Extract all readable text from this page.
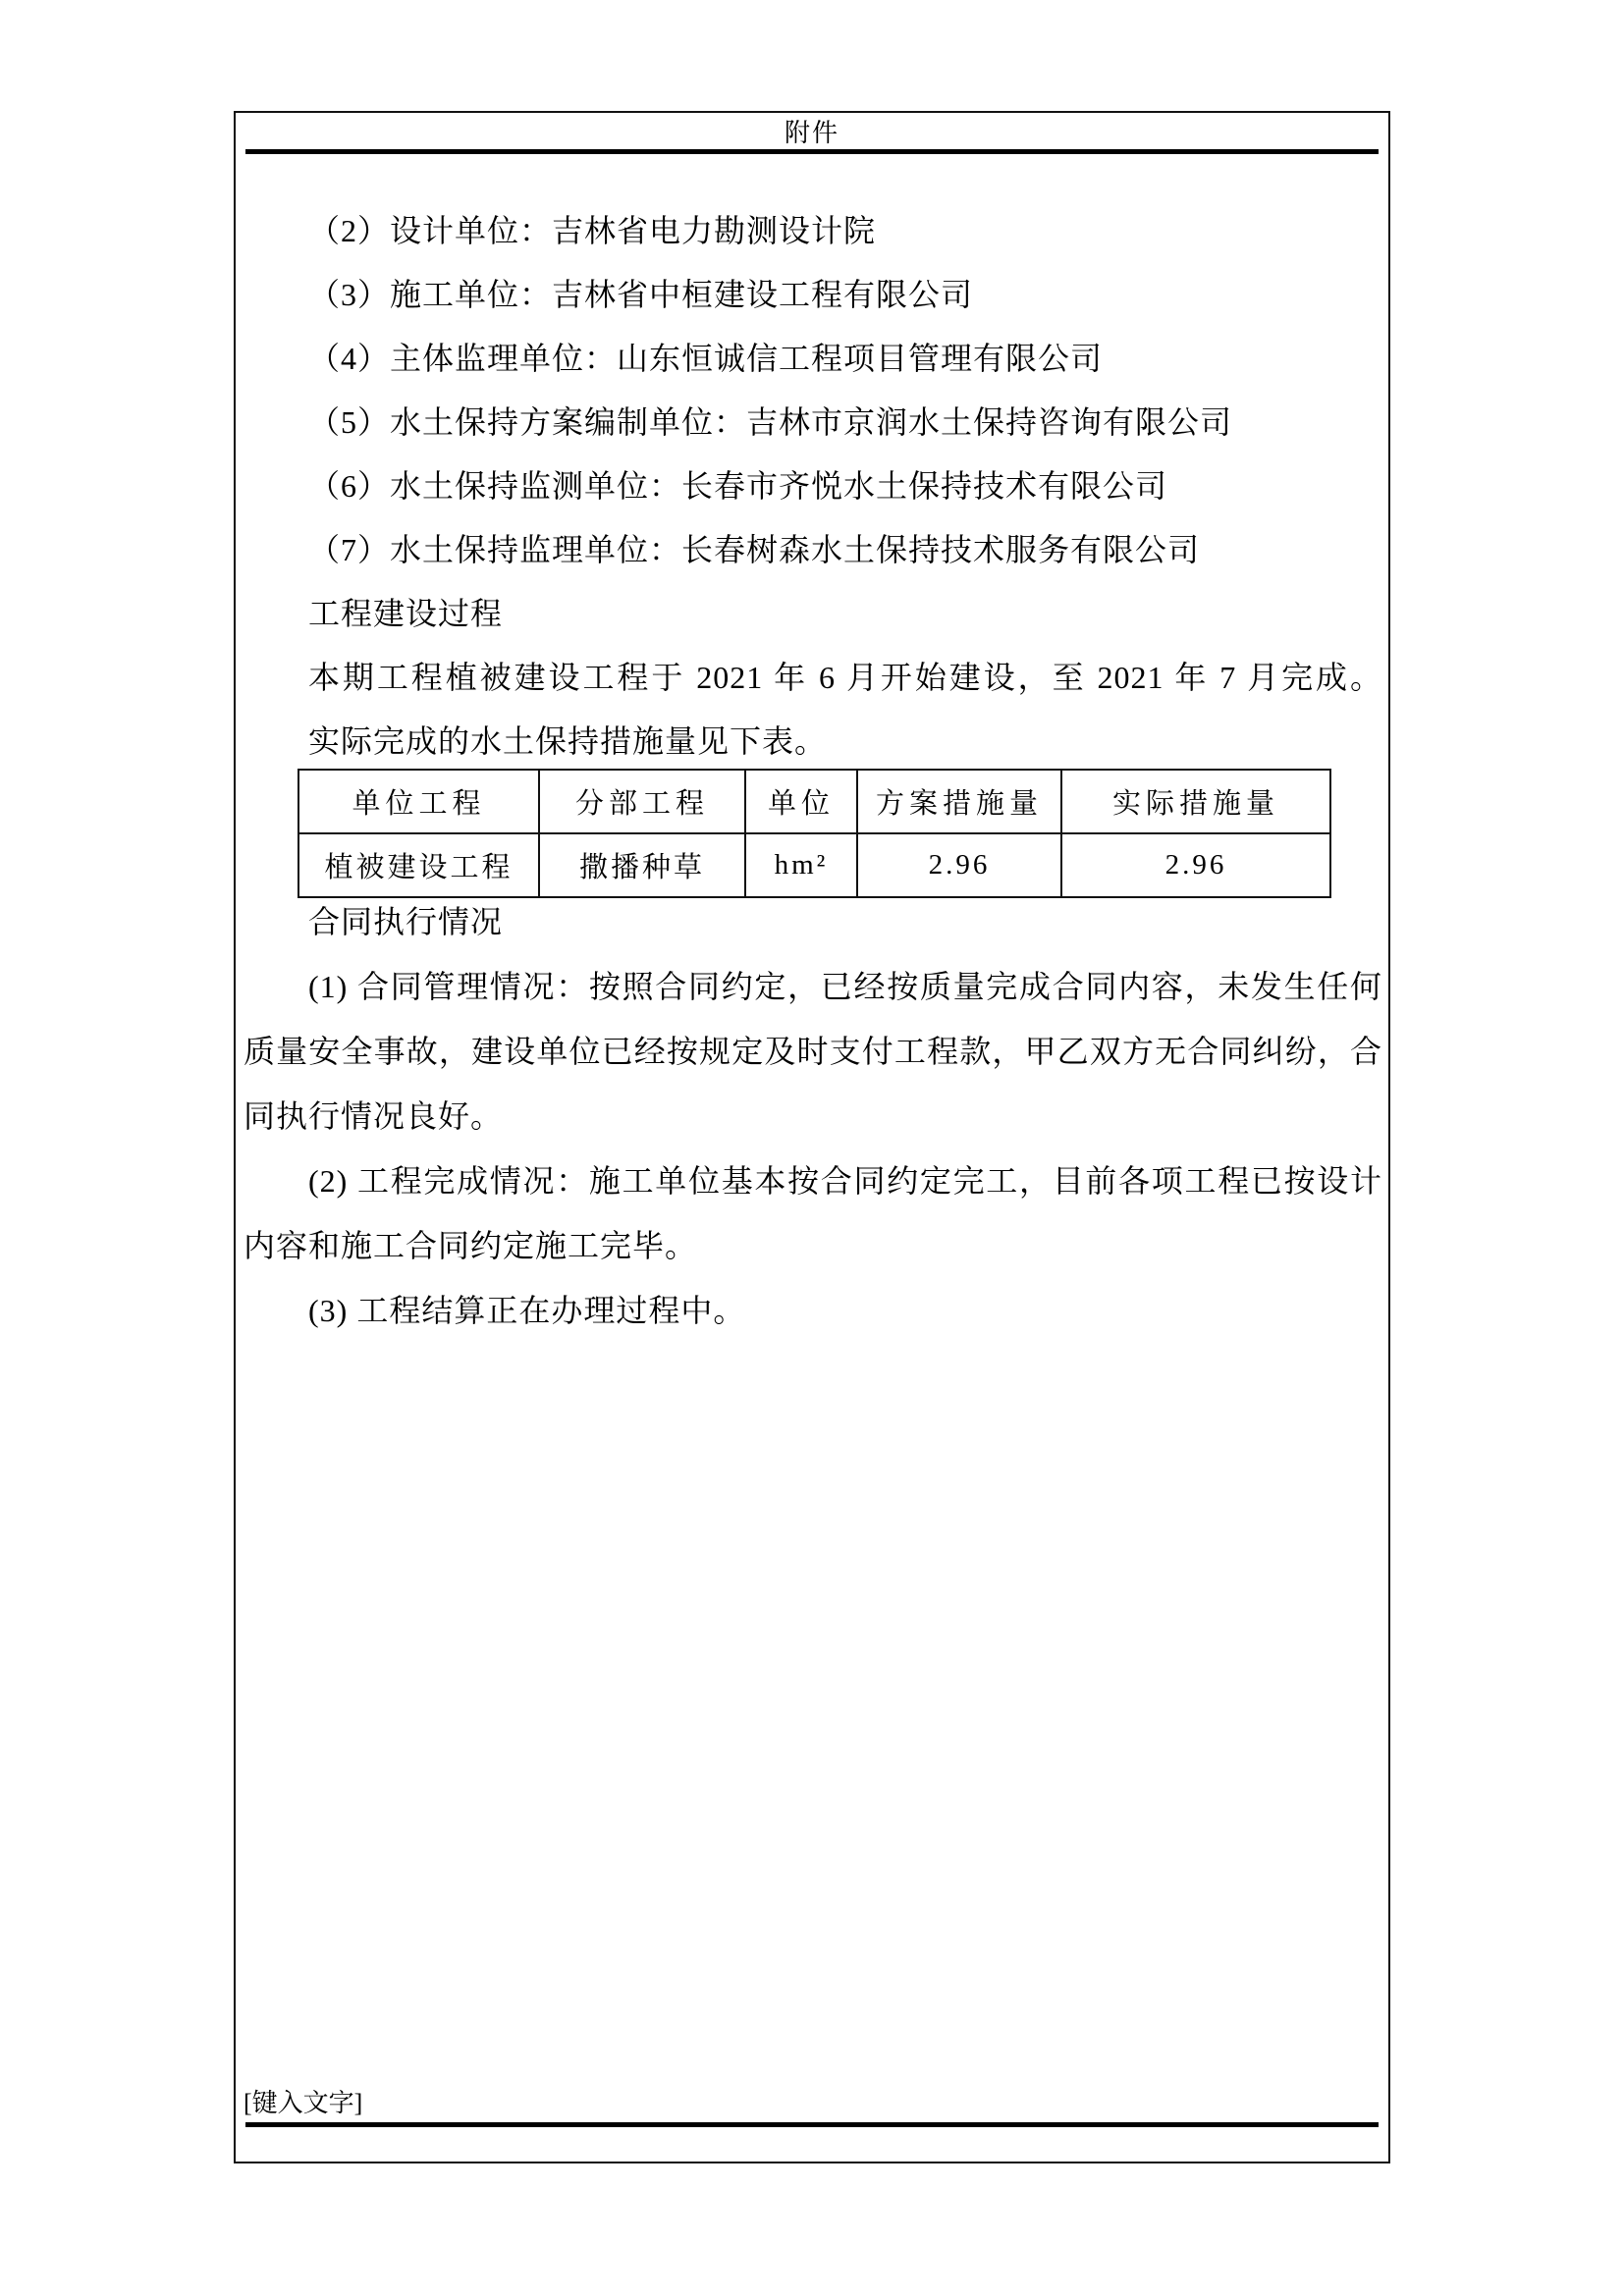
附件
（2）设计单位：吉林省电力勘测设计院
（3）施工单位：吉林省中桓建设工程有限公司
（4）主体监理单位：山东恒诚信工程项目管理有限公司
（5）水土保持方案编制单位：吉林市京润水土保持咨询有限公司
（6）水土保持监测单位：长春市齐悦水土保持技术有限公司
（7）水土保持监理单位：长春树森水土保持技术服务有限公司
工程建设过程
本期工程植被建设工程于 2021 年 6 月开始建设，至 2021 年 7 月完成。
实际完成的水土保持措施量见下表。
单位工程	分部工程	单位	方案措施量	实际措施量
植被建设工程	撒播种草	hm²	2.96	2.96
合同执行情况
(1) 合同管理情况：按照合同约定，已经按质量完成合同内容，未发生任何
质量安全事故，建设单位已经按规定及时支付工程款，甲乙双方无合同纠纷，合
同执行情况良好。
(2) 工程完成情况：施工单位基本按合同约定完工，目前各项工程已按设计
内容和施工合同约定施工完毕。
(3) 工程结算正在办理过程中。
[键入文字]
